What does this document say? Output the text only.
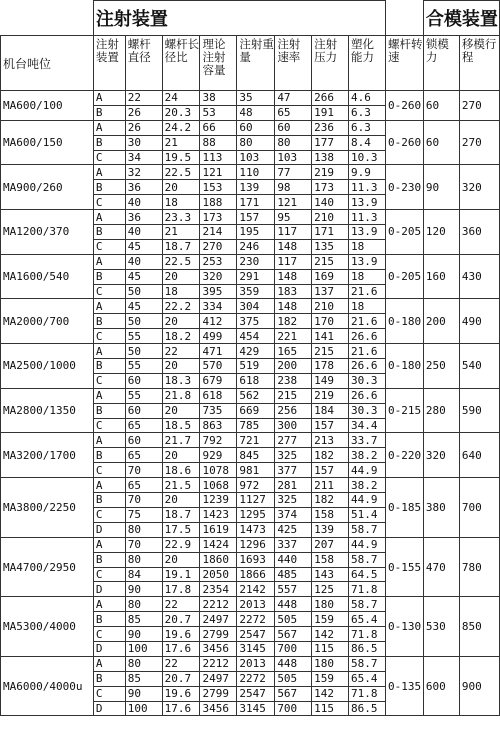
	注射装置									合模装置	
机台吨位	注射装置	螺杆直径	螺杆长径比	理论注射容量	注射重量	注射速率	注射压力	塑化能力	螺杆转速	锁模力	移模行程
MA600/100	A	22	24	38	35	47	266	4.6	0-260	60	270
	B	26	20.3	53	48	65	191	6.3			
MA600/150	A	26	24.2	66	60	60	236	6.3	0-260	60	270
	B	30	21	88	80	80	177	8.4			
	C	34	19.5	113	103	103	138	10.3			
MA900/260	A	32	22.5	121	110	77	219	9.9	0-230	90	320
	B	36	20	153	139	98	173	11.3			
	C	40	18	188	171	121	140	13.9			
MA1200/370	A	36	23.3	173	157	95	210	11.3	0-205	120	360
	B	40	21	214	195	117	171	13.9			
	C	45	18.7	270	246	148	135	18			
MA1600/540	A	40	22.5	253	230	117	215	13.9	0-205	160	430
	B	45	20	320	291	148	169	18			
	C	50	18	395	359	183	137	21.6			
MA2000/700	A	45	22.2	334	304	148	210	18	0-180	200	490
	B	50	20	412	375	182	170	21.6			
	C	55	18.2	499	454	221	141	26.6			
MA2500/1000	A	50	22	471	429	165	215	21.6	0-180	250	540
	B	55	20	570	519	200	178	26.6			
	C	60	18.3	679	618	238	149	30.3			
MA2800/1350	A	55	21.8	618	562	215	219	26.6	0-215	280	590
	B	60	20	735	669	256	184	30.3			
	C	65	18.5	863	785	300	157	34.4			
MA3200/1700	A	60	21.7	792	721	277	213	33.7	0-220	320	640
	B	65	20	929	845	325	182	38.2			
	C	70	18.6	1078	981	377	157	44.9			
MA3800/2250	A	65	21.5	1068	972	281	211	38.2	0-185	380	700
	B	70	20	1239	1127	325	182	44.9			
	C	75	18.7	1423	1295	374	158	51.4			
	D	80	17.5	1619	1473	425	139	58.7			
MA4700/2950	A	70	22.9	1424	1296	337	207	44.9	0-155	470	780
	B	80	20	1860	1693	440	158	58.7			
	C	84	19.1	2050	1866	485	143	64.5			
	D	90	17.8	2354	2142	557	125	71.8			
MA5300/4000	A	80	22	2212	2013	448	180	58.7	0-130	530	850
	B	85	20.7	2497	2272	505	159	65.4			
	C	90	19.6	2799	2547	567	142	71.8			
	D	100	17.6	3456	3145	700	115	86.5			
MA6000/4000u	A	80	22	2212	2013	448	180	58.7	0-135	600	900
	B	85	20.7	2497	2272	505	159	65.4			
	C	90	19.6	2799	2547	567	142	71.8			
	D	100	17.6	3456	3145	700	115	86.5			
